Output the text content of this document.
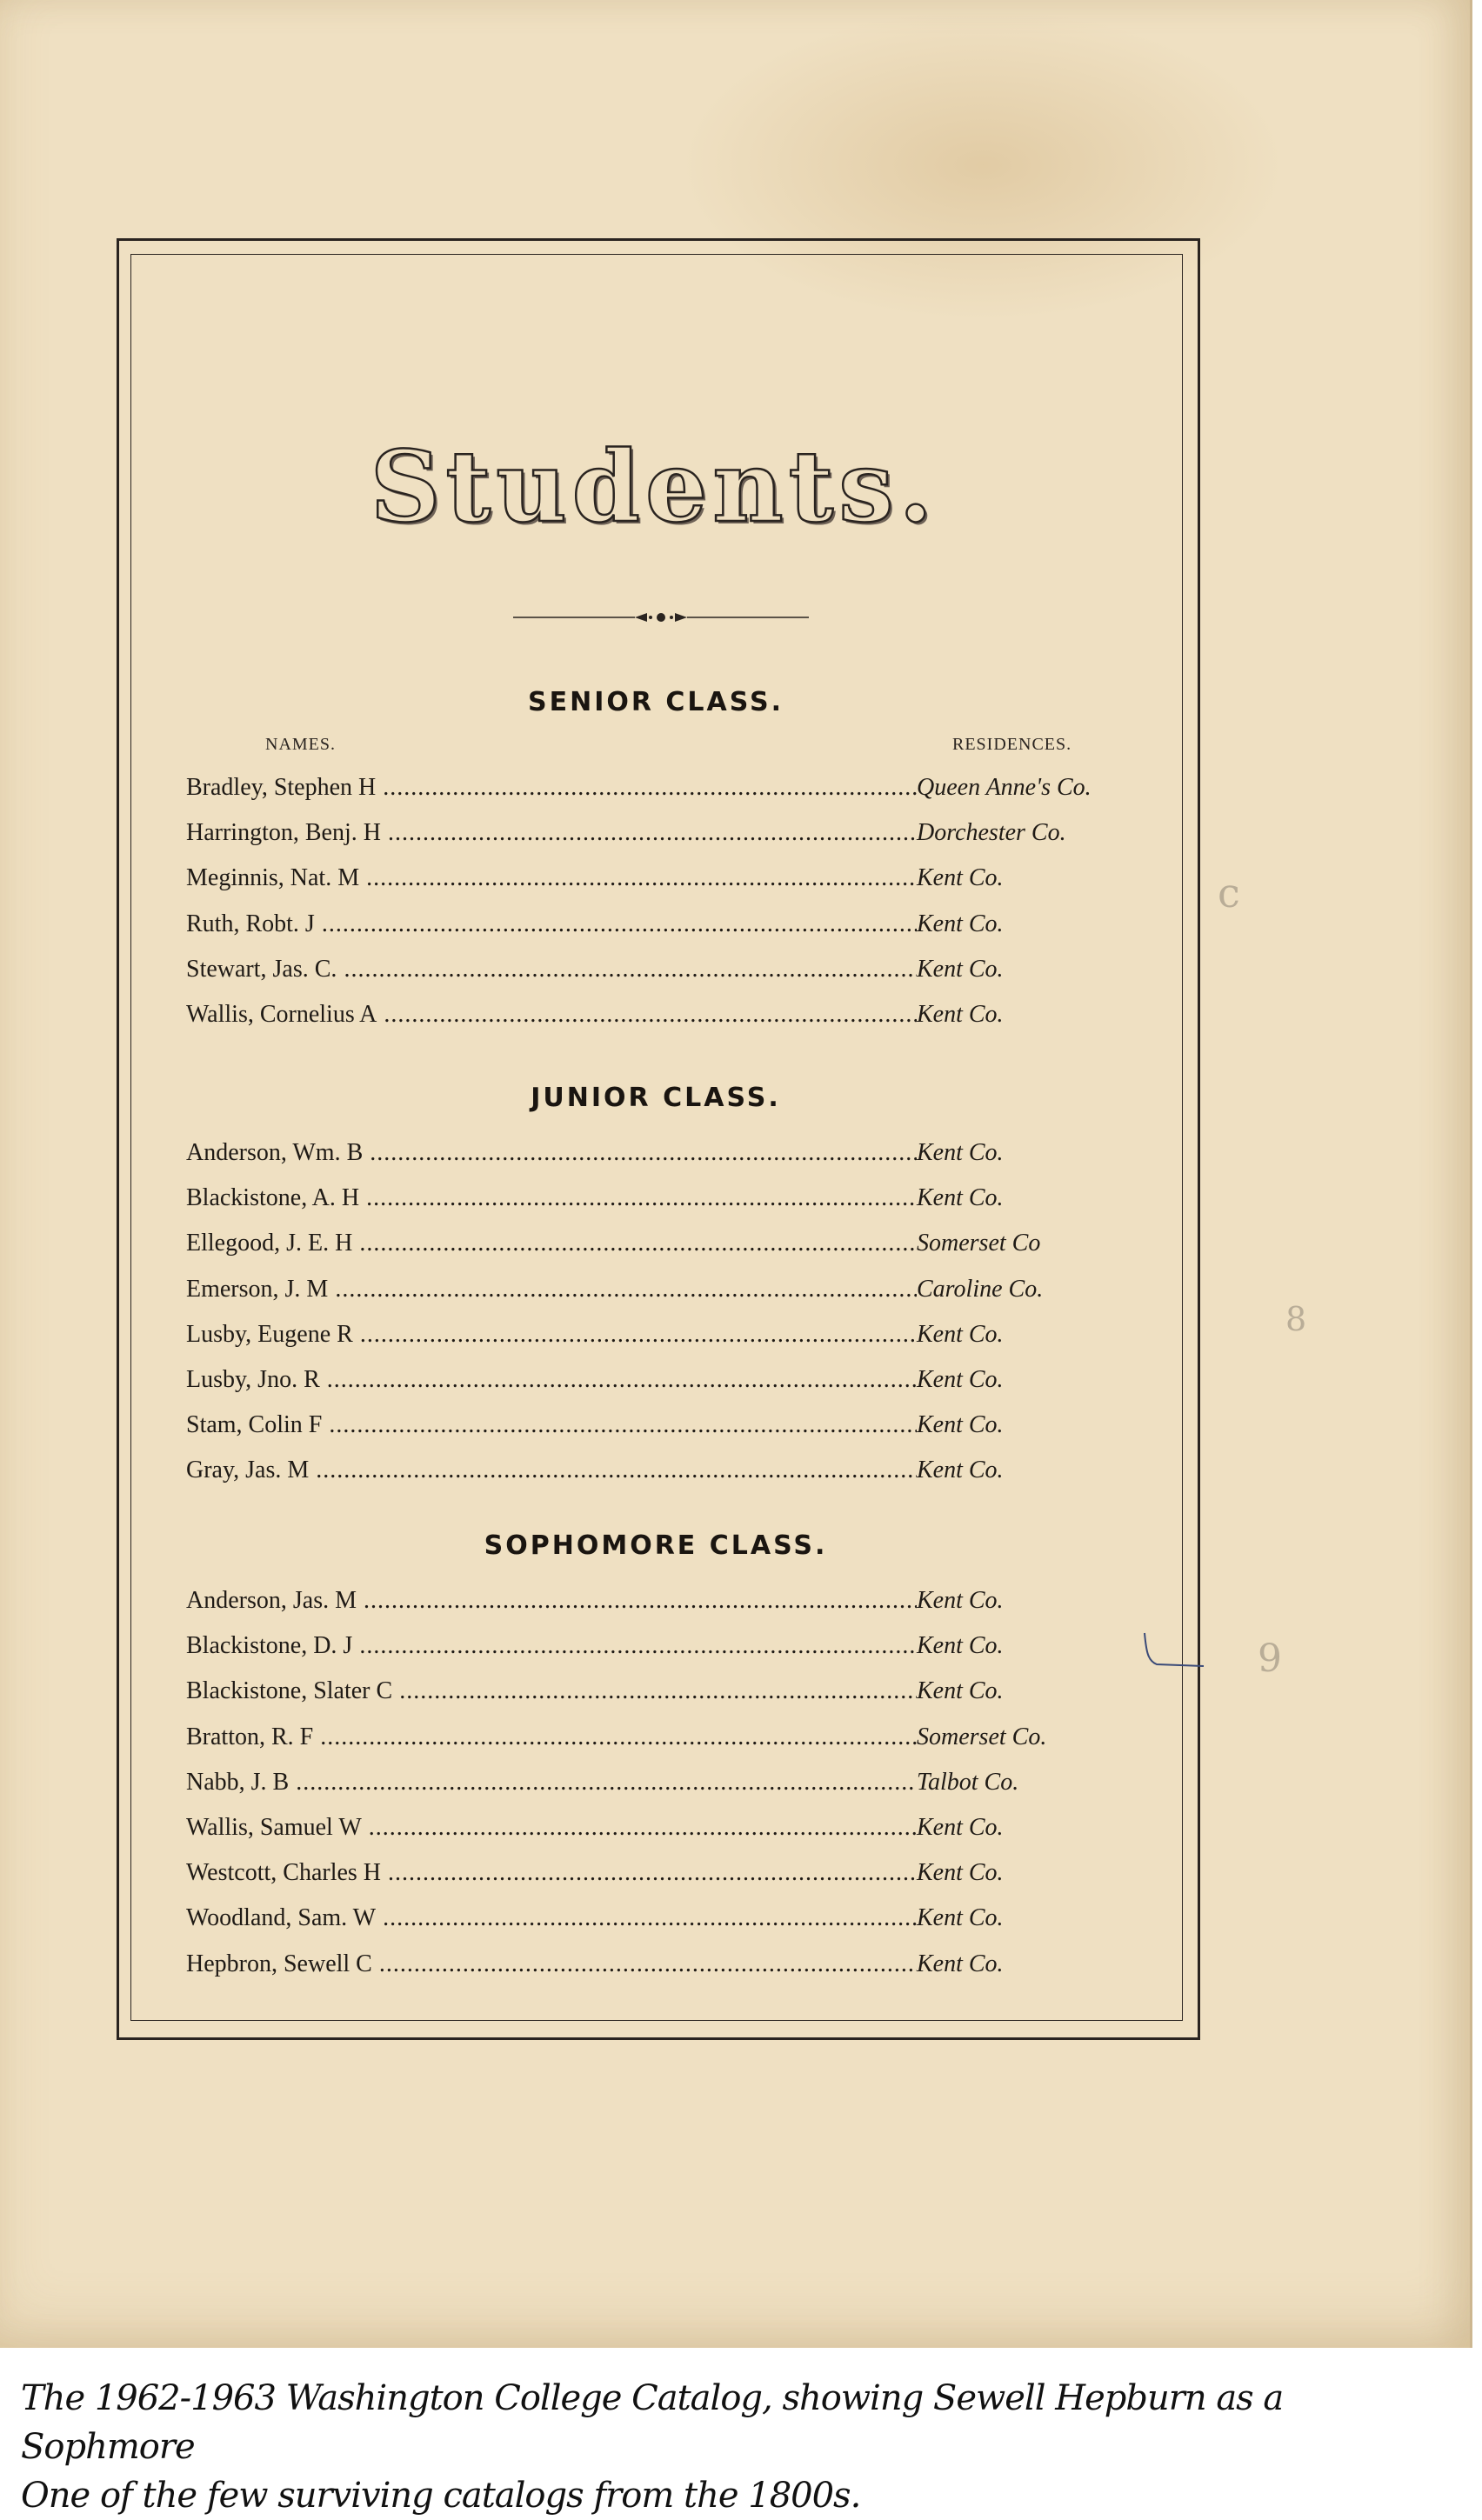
Students.
SENIOR CLASS.
NAMES.	RESIDENCES.
JUNIOR CLASS.
SOPHOMORE CLASS.
Bradley, Stephen H .....	Queen Anne's Co.
Harrington, Benj. H .....	Dorchester Co.
Meginnis, Nat. M .....	Kent Co.
Ruth, Robt. J .....	Kent Co.
Stewart, Jas. C. .....	Kent Co.
Wallis, Cornelius A .....	Kent Co.
Anderson, Wm. B .....	Kent Co.
Blackistone, A. H .....	Kent Co.
Ellegood, J. E. H .....	Somerset Co
Emerson, J. M .....	Caroline Co.
Lusby, Eugene R .....	Kent Co.
Lusby, Jno. R .....	Kent Co.
Stam, Colin F .....	Kent Co.
Gray, Jas. M .....	Kent Co.
Anderson, Jas. M .....	Kent Co.
Blackistone, D. J .....	Kent Co.
Blackistone, Slater C .....	Kent Co.
Bratton, R. F .....	Somerset Co.
Nabb, J. B .....	Talbot Co.
Wallis, Samuel W .....	Kent Co.
Westcott, Charles H .....	Kent Co.
Woodland, Sam. W .....	Kent Co.
Hepbron, Sewell C .....	Kent Co.
c
8
9
The 1962-1963 Washington College Catalog, showing Sewell Hepburn as a Sophmore
One of the few surviving catalogs from the 1800s.
